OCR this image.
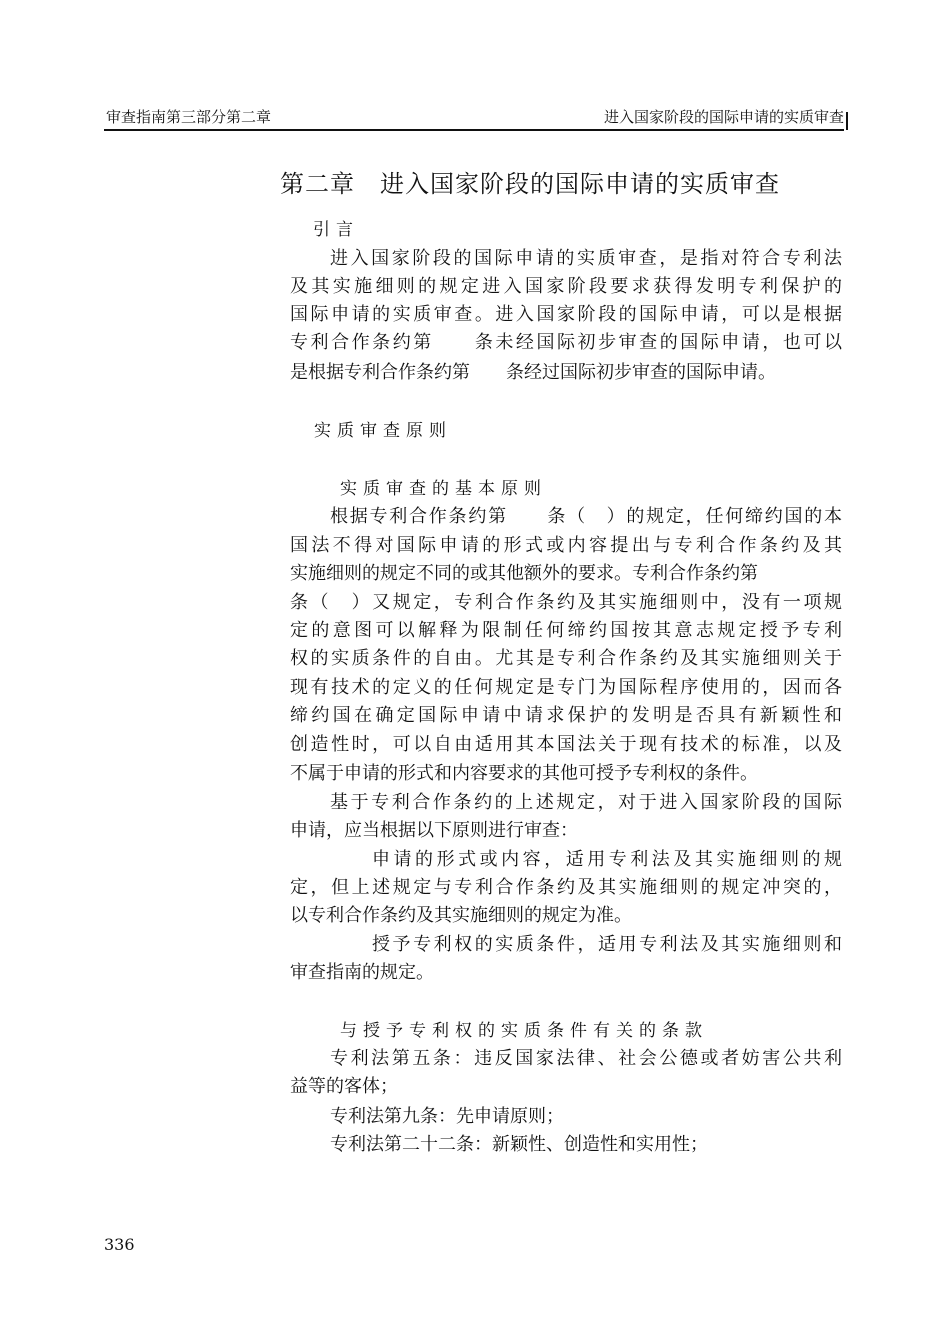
审查指南第三部分第二章	进入国家阶段的国际申请的实质审查
第二章　进入国家阶段的国际申请的实质审查
引言
进入国家阶段的国际申请的实质审查，是指对符合专利法
及其实施细则的规定进入国家阶段要求获得发明专利保护的
国际申请的实质审查。进入国家阶段的国际申请，可以是根据
专利合作条约第　　条未经国际初步审查的国际申请，也可以
是根据专利合作条约第　　条经过国际初步审查的国际申请。
实质审查原则
实质审查的基本原则
根据专利合作条约第　　条（　）的规定，任何缔约国的本
国法不得对国际申请的形式或内容提出与专利合作条约及其
实施细则的规定不同的或其他额外的要求。专利合作条约第
条（　）又规定，专利合作条约及其实施细则中，没有一项规
定的意图可以解释为限制任何缔约国按其意志规定授予专利
权的实质条件的自由。尤其是专利合作条约及其实施细则关于
现有技术的定义的任何规定是专门为国际程序使用的，因而各
缔约国在确定国际申请中请求保护的发明是否具有新颖性和
创造性时，可以自由适用其本国法关于现有技术的标准，以及
不属于申请的形式和内容要求的其他可授予专利权的条件。
基于专利合作条约的上述规定，对于进入国家阶段的国际
申请，应当根据以下原则进行审查：
申请的形式或内容，适用专利法及其实施细则的规
定，但上述规定与专利合作条约及其实施细则的规定冲突的，
以专利合作条约及其实施细则的规定为准。
授予专利权的实质条件，适用专利法及其实施细则和
审查指南的规定。
与授予专利权的实质条件有关的条款
专利法第五条：违反国家法律、社会公德或者妨害公共利
益等的客体；
专利法第九条：先申请原则；
专利法第二十二条：新颖性、创造性和实用性；
336
